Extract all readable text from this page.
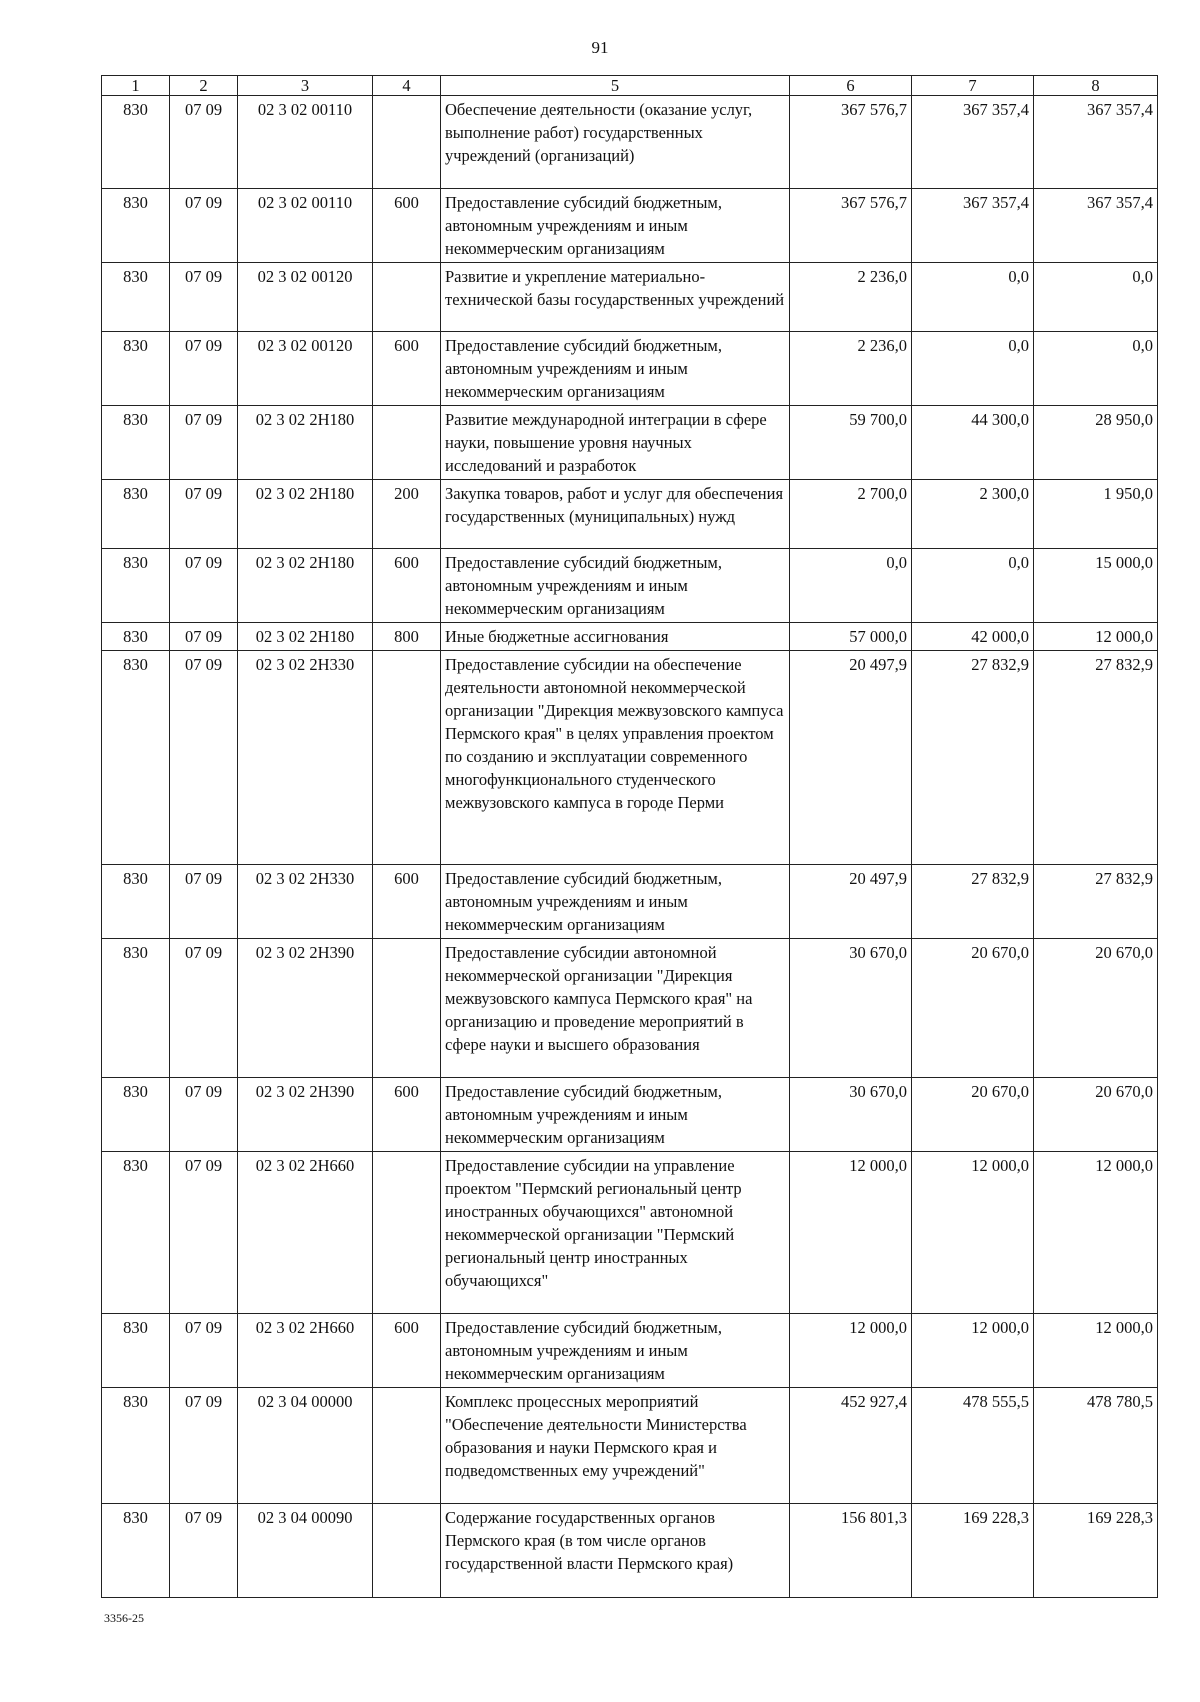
91
1	2	3	4	5	6	7	8
830	07 09	02 3 02 00110		Обеспечение деятельности (оказание услуг, выполнение работ) государственных учреждений (организаций)	367 576,7	367 357,4	367 357,4
830	07 09	02 3 02 00110	600	Предоставление субсидий бюджетным, автономным учреждениям и иным некоммерческим организациям	367 576,7	367 357,4	367 357,4
830	07 09	02 3 02 00120		Развитие и укрепление материально-технической базы государственных учреждений	2 236,0	0,0	0,0
830	07 09	02 3 02 00120	600	Предоставление субсидий бюджетным, автономным учреждениям и иным некоммерческим организациям	2 236,0	0,0	0,0
830	07 09	02 3 02 2Н180		Развитие международной интеграции в сфере науки, повышение уровня научных исследований и разработок	59 700,0	44 300,0	28 950,0
830	07 09	02 3 02 2Н180	200	Закупка товаров, работ и услуг для обеспечения государственных (муниципальных) нужд	2 700,0	2 300,0	1 950,0
830	07 09	02 3 02 2Н180	600	Предоставление субсидий бюджетным, автономным учреждениям и иным некоммерческим организациям	0,0	0,0	15 000,0
830	07 09	02 3 02 2Н180	800	Иные бюджетные ассигнования	57 000,0	42 000,0	12 000,0
830	07 09	02 3 02 2Н330		Предоставление субсидии на обеспечение деятельности автономной некоммерческой организации "Дирекция межвузовского кампуса Пермского края" в целях управления проектом по созданию и эксплуатации современного многофункционального студенческого межвузовского кампуса в городе Перми	20 497,9	27 832,9	27 832,9
830	07 09	02 3 02 2Н330	600	Предоставление субсидий бюджетным, автономным учреждениям и иным некоммерческим организациям	20 497,9	27 832,9	27 832,9
830	07 09	02 3 02 2Н390		Предоставление субсидии автономной некоммерческой организации "Дирекция межвузовского кампуса Пермского края" на организацию и проведение мероприятий в сфере науки и высшего образования	30 670,0	20 670,0	20 670,0
830	07 09	02 3 02 2Н390	600	Предоставление субсидий бюджетным, автономным учреждениям и иным некоммерческим организациям	30 670,0	20 670,0	20 670,0
830	07 09	02 3 02 2Н660		Предоставление субсидии на управление проектом "Пермский региональный центр иностранных обучающихся" автономной некоммерческой организации "Пермский региональный центр иностранных обучающихся"	12 000,0	12 000,0	12 000,0
830	07 09	02 3 02 2Н660	600	Предоставление субсидий бюджетным, автономным учреждениям и иным некоммерческим организациям	12 000,0	12 000,0	12 000,0
830	07 09	02 3 04 00000		Комплекс процессных мероприятий "Обеспечение деятельности Министерства образования и науки Пермского края и подведомственных ему учреждений"	452 927,4	478 555,5	478 780,5
830	07 09	02 3 04 00090		Содержание государственных органов Пермского края (в том числе органов государственной власти Пермского края)	156 801,3	169 228,3	169 228,3
3356-25
